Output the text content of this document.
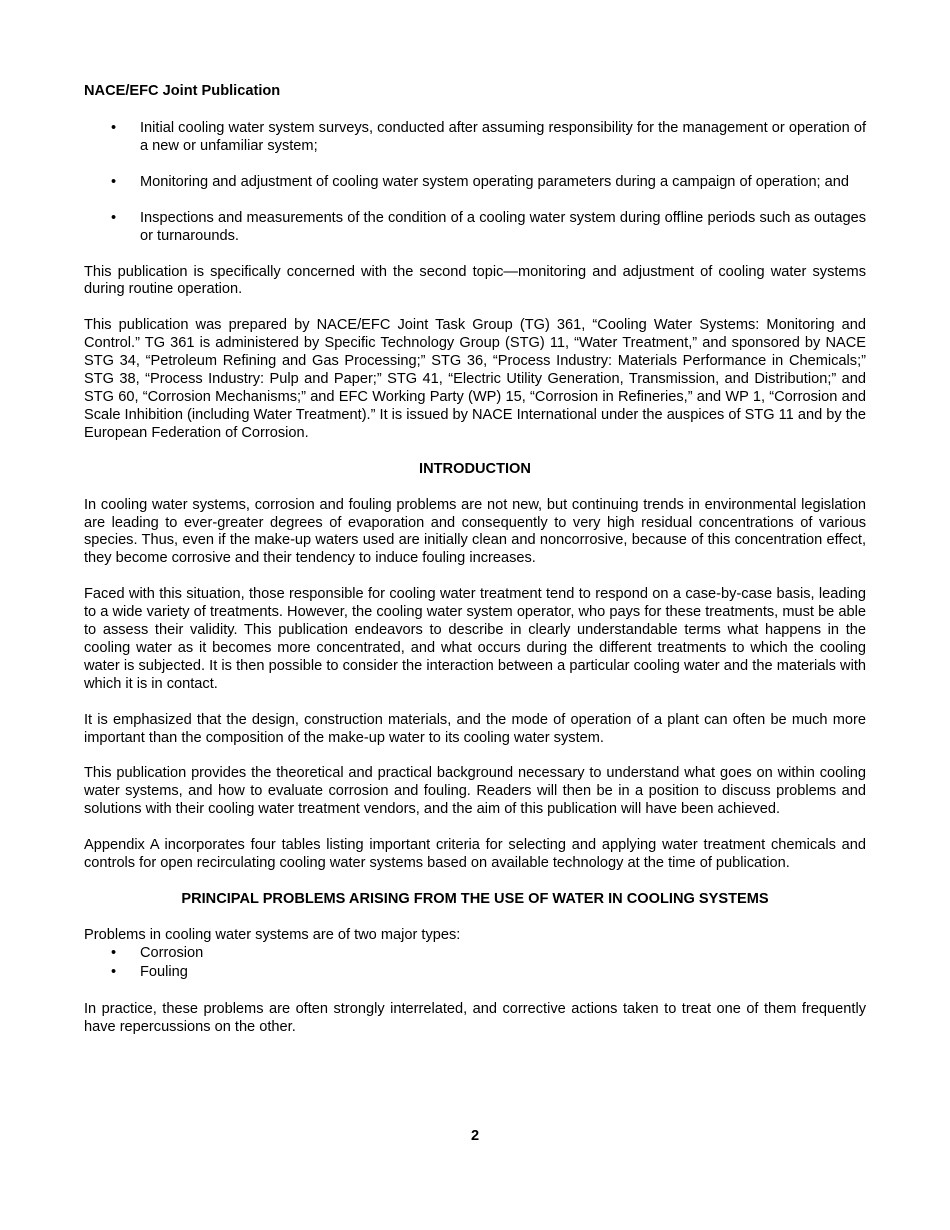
NACE/EFC Joint Publication

• Initial cooling water system surveys, conducted after assuming responsibility for the management or operation of a new or unfamiliar system;
• Monitoring and adjustment of cooling water system operating parameters during a campaign of operation; and
• Inspections and measurements of the condition of a cooling water system during offline periods such as outages or turnarounds.

This publication is specifically concerned with the second topic—monitoring and adjustment of cooling water systems during routine operation.

This publication was prepared by NACE/EFC Joint Task Group (TG) 361, “Cooling Water Systems: Monitoring and Control.” TG 361 is administered by Specific Technology Group (STG) 11, “Water Treatment,” and sponsored by NACE STG 34, “Petroleum Refining and Gas Processing;” STG 36, “Process Industry: Materials Performance in Chemicals;” STG 38, “Process Industry: Pulp and Paper;” STG 41, “Electric Utility Generation, Transmission, and Distribution;” and STG 60, “Corrosion Mechanisms;” and EFC Working Party (WP) 15, “Corrosion in Refineries,” and WP 1, “Corrosion and Scale Inhibition (including Water Treatment).” It is issued by NACE International under the auspices of STG 11 and by the European Federation of Corrosion.

INTRODUCTION

In cooling water systems, corrosion and fouling problems are not new, but continuing trends in environmental legislation are leading to ever-greater degrees of evaporation and consequently to very high residual concentrations of various species. Thus, even if the make-up waters used are initially clean and noncorrosive, because of this concentration effect, they become corrosive and their tendency to induce fouling increases.

Faced with this situation, those responsible for cooling water treatment tend to respond on a case-by-case basis, leading to a wide variety of treatments. However, the cooling water system operator, who pays for these treatments, must be able to assess their validity. This publication endeavors to describe in clearly understandable terms what happens in the cooling water as it becomes more concentrated, and what occurs during the different treatments to which the cooling water is subjected. It is then possible to consider the interaction between a particular cooling water and the materials with which it is in contact.

It is emphasized that the design, construction materials, and the mode of operation of a plant can often be much more important than the composition of the make-up water to its cooling water system.

This publication provides the theoretical and practical background necessary to understand what goes on within cooling water systems, and how to evaluate corrosion and fouling. Readers will then be in a position to discuss problems and solutions with their cooling water treatment vendors, and the aim of this publication will have been achieved.

Appendix A incorporates four tables listing important criteria for selecting and applying water treatment chemicals and controls for open recirculating cooling water systems based on available technology at the time of publication.

PRINCIPAL PROBLEMS ARISING FROM THE USE OF WATER IN COOLING SYSTEMS

Problems in cooling water systems are of two major types:

• Corrosion
• Fouling

In practice, these problems are often strongly interrelated, and corrective actions taken to treat one of them frequently have repercussions on the other.

2
